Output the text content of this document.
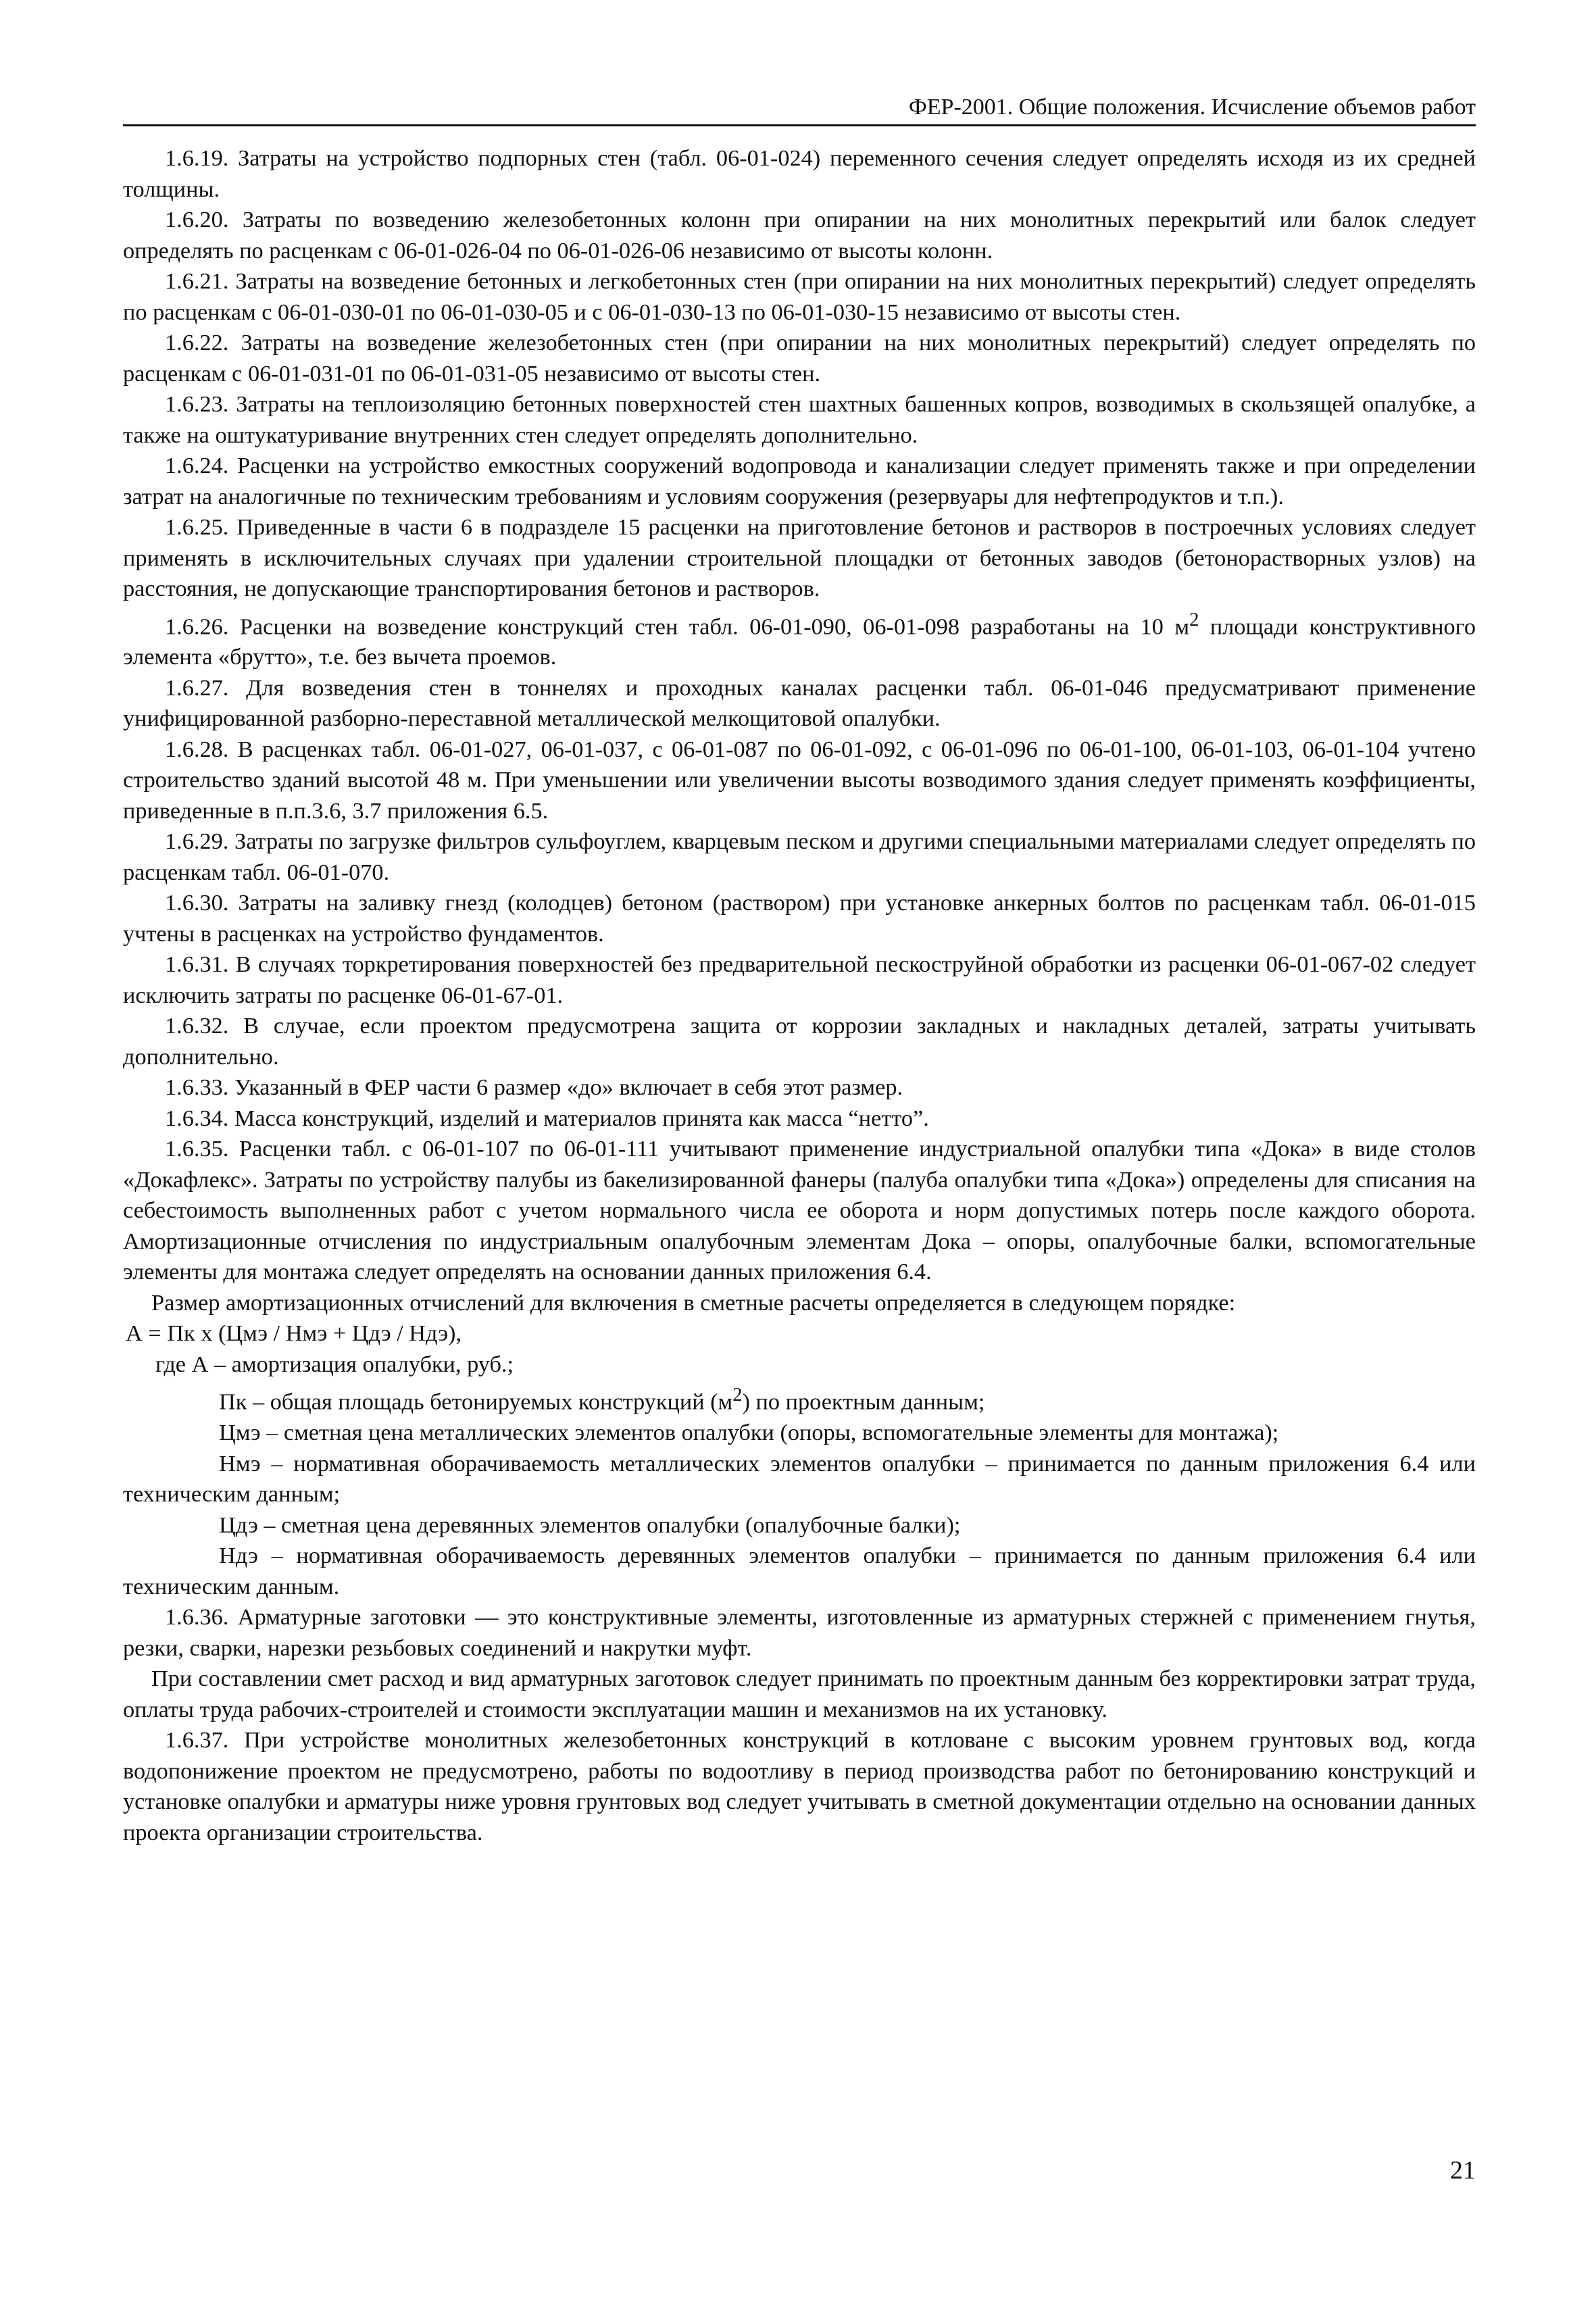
ФЕР-2001. Общие положения. Исчисление объемов работ

1.6.19. Затраты на устройство подпорных стен (табл. 06-01-024) переменного сечения следует определять исходя из их средней толщины.

1.6.20. Затраты по возведению железобетонных колонн при опирании на них монолитных перекрытий или балок следует определять по расценкам с 06-01-026-04 по 06-01-026-06 независимо от высоты колонн.

1.6.21. Затраты на возведение бетонных и легкобетонных стен (при опирании на них монолитных перекрытий) следует определять по расценкам с 06-01-030-01 по 06-01-030-05 и с 06-01-030-13 по 06-01-030-15 независимо от высоты стен.

1.6.22. Затраты на возведение железобетонных стен (при опирании на них монолитных перекрытий) следует определять по расценкам с 06-01-031-01 по 06-01-031-05 независимо от высоты стен.

1.6.23. Затраты на теплоизоляцию бетонных поверхностей стен шахтных башенных копров, возводимых в скользящей опалубке, а также на оштукатуривание внутренних стен следует определять дополнительно.

1.6.24. Расценки на устройство емкостных сооружений водопровода и канализации следует применять также и при определении затрат на аналогичные по техническим требованиям и условиям сооружения (резервуары для нефтепродуктов и т.п.).

1.6.25. Приведенные в части 6 в подразделе 15 расценки на приготовление бетонов и растворов в построечных условиях следует применять в исключительных случаях при удалении строительной площадки от бетонных заводов (бетонорастворных узлов) на расстояния, не допускающие транспортирования бетонов и растворов.

1.6.26. Расценки на возведение конструкций стен табл. 06-01-090, 06-01-098 разработаны на 10 $м^2$ площади конструктивного элемента «брутто», т.е. без вычета проемов.

1.6.27. Для возведения стен в тоннелях и проходных каналах расценки табл. 06-01-046 предусматривают применение унифицированной разборно-переставной металлической мелкощитовой опалубки.

1.6.28. В расценках табл. 06-01-027, 06-01-037, с 06-01-087 по 06-01-092, с 06-01-096 по 06-01-100, 06-01-103, 06-01-104 учтено строительство зданий высотой 48 м. При уменьшении или увеличении высоты возводимого здания следует применять коэффициенты, приведенные в п.п.3.6, 3.7 приложения 6.5.

1.6.29. Затраты по загрузке фильтров сульфоуглем, кварцевым песком и другими специальными материалами следует определять по расценкам табл. 06-01-070.

1.6.30. Затраты на заливку гнезд (колодцев) бетоном (раствором) при установке анкерных болтов по расценкам табл. 06-01-015 учтены в расценках на устройство фундаментов.

1.6.31. В случаях торкретирования поверхностей без предварительной пескоструйной обработки из расценки 06-01-067-02 следует исключить затраты по расценке 06-01-67-01.

1.6.32. В случае, если проектом предусмотрена защита от коррозии закладных и накладных деталей, затраты учитывать дополнительно.

1.6.33. Указанный в ФЕР части 6 размер «до» включает в себя этот размер.

1.6.34. Масса конструкций, изделий и материалов принята как масса “нетто”.

1.6.35. Расценки табл. с 06-01-107 по 06-01-111 учитывают применение индустриальной опалубки типа «Дока» в виде столов «Докафлекс». Затраты по устройству палубы из бакелизированной фанеры (палуба опалубки типа «Дока») определены для списания на себестоимость выполненных работ с учетом нормального числа ее оборота и норм допустимых потерь после каждого оборота. Амортизационные отчисления по индустриальным опалубочным элементам Дока – опоры, опалубочные балки, вспомогательные элементы для монтажа следует определять на основании данных приложения 6.4.

Размер амортизационных отчислений для включения в сметные расчеты определяется в следующем порядке:

А = Пк х (Цмэ / Нмэ + Цдэ / Ндэ),

где А – амортизация опалубки, руб.;

Пк – общая площадь бетонируемых конструкций $(м^2)$ по проектным данным;

Цмэ – сметная цена металлических элементов опалубки (опоры, вспомогательные элементы для монтажа);

Нмэ – нормативная оборачиваемость металлических элементов опалубки – принимается по данным приложения 6.4 или техническим данным;

Цдэ – сметная цена деревянных элементов опалубки (опалубочные балки);

Ндэ – нормативная оборачиваемость деревянных элементов опалубки – принимается по данным приложения 6.4 или техническим данным.

1.6.36. Арматурные заготовки — это конструктивные элементы, изготовленные из арматурных стержней с применением гнутья, резки, сварки, нарезки резьбовых соединений и накрутки муфт.

При составлении смет расход и вид арматурных заготовок следует принимать по проектным данным без корректировки затрат труда, оплаты труда рабочих-строителей и стоимости эксплуатации машин и механизмов на их установку.

1.6.37. При устройстве монолитных железобетонных конструкций в котловане с высоким уровнем грунтовых вод, когда водопонижение проектом не предусмотрено, работы по водоотливу в период производства работ по бетонированию конструкций и установке опалубки и арматуры ниже уровня грунтовых вод следует учитывать в сметной документации отдельно на основании данных проекта организации строительства.

21
